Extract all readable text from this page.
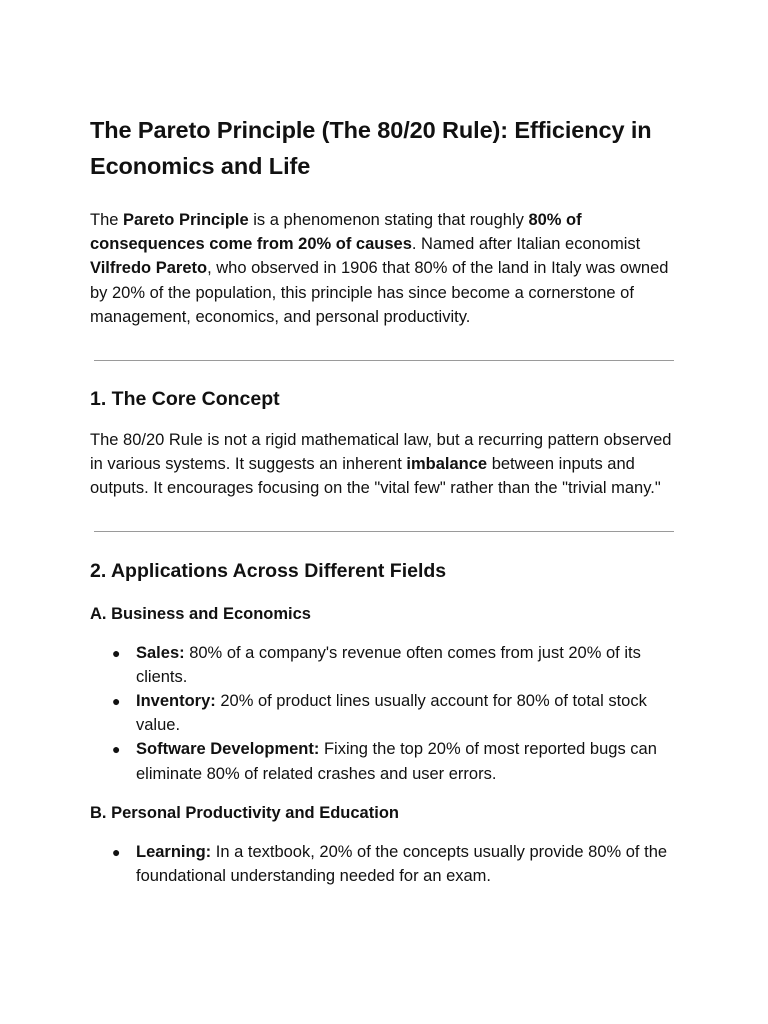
The Pareto Principle (The 80/20 Rule): Efficiency in Economics and Life

The Pareto Principle is a phenomenon stating that roughly 80% of consequences come from 20% of causes. Named after Italian economist Vilfredo Pareto, who observed in 1906 that 80% of the land in Italy was owned by 20% of the population, this principle has since become a cornerstone of management, economics, and personal productivity.

1. The Core Concept

The 80/20 Rule is not a rigid mathematical law, but a recurring pattern observed in various systems. It suggests an inherent imbalance between inputs and outputs. It encourages focusing on the "vital few" rather than the "trivial many."

2. Applications Across Different Fields
A. Business and Economics
● Sales: 80% of a company's revenue often comes from just 20% of its clients.
● Inventory: 20% of product lines usually account for 80% of total stock value.
● Software Development: Fixing the top 20% of most reported bugs can eliminate 80% of related crashes and user errors.
B. Personal Productivity and Education
● Learning: In a textbook, 20% of the concepts usually provide 80% of the foundational understanding needed for an exam.
